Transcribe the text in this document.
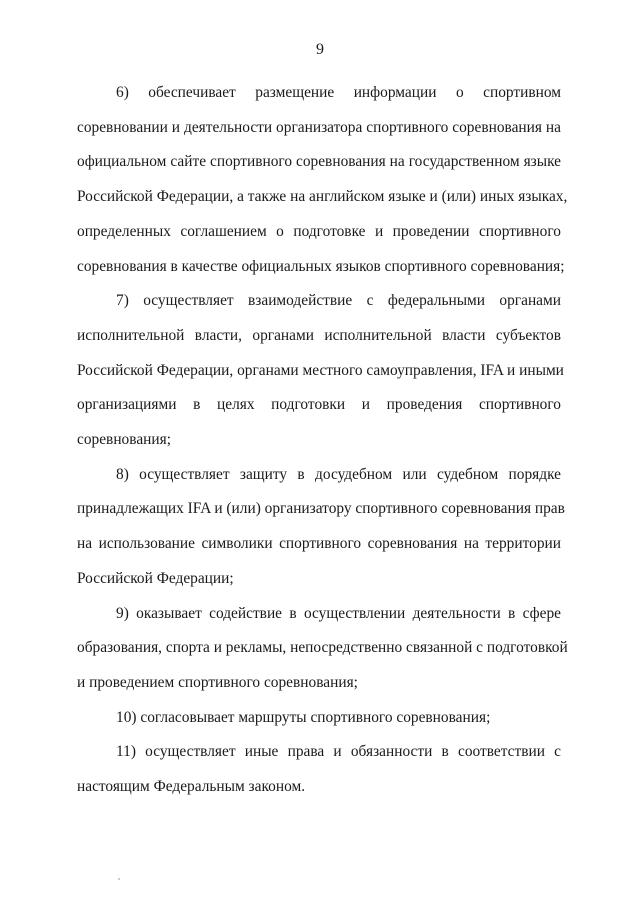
9

6) обеспечивает размещение информации о спортивном
соревновании и деятельности организатора спортивного соревнования на
официальном сайте спортивного соревнования на государственном языке
Российской Федерации, а также на английском языке и (или) иных языках,
определенных соглашением о подготовке и проведении спортивного
соревнования в качестве официальных языков спортивного соревнования;

7) осуществляет взаимодействие с федеральными органами
исполнительной власти, органами исполнительной власти субъектов
Российской Федерации, органами местного самоуправления, IFA и иными
организациями в целях подготовки и проведения спортивного
соревнования;

8) осуществляет защиту в досудебном или судебном порядке
принадлежащих IFA и (или) организатору спортивного соревнования прав
на использование символики спортивного соревнования на территории
Российской Федерации;

9) оказывает содействие в осуществлении деятельности в сфере
образования, спорта и рекламы, непосредственно связанной с подготовкой
и проведением спортивного соревнования;

10) согласовывает маршруты спортивного соревнования;

11) осуществляет иные права и обязанности в соответствии с
настоящим Федеральным законом.
